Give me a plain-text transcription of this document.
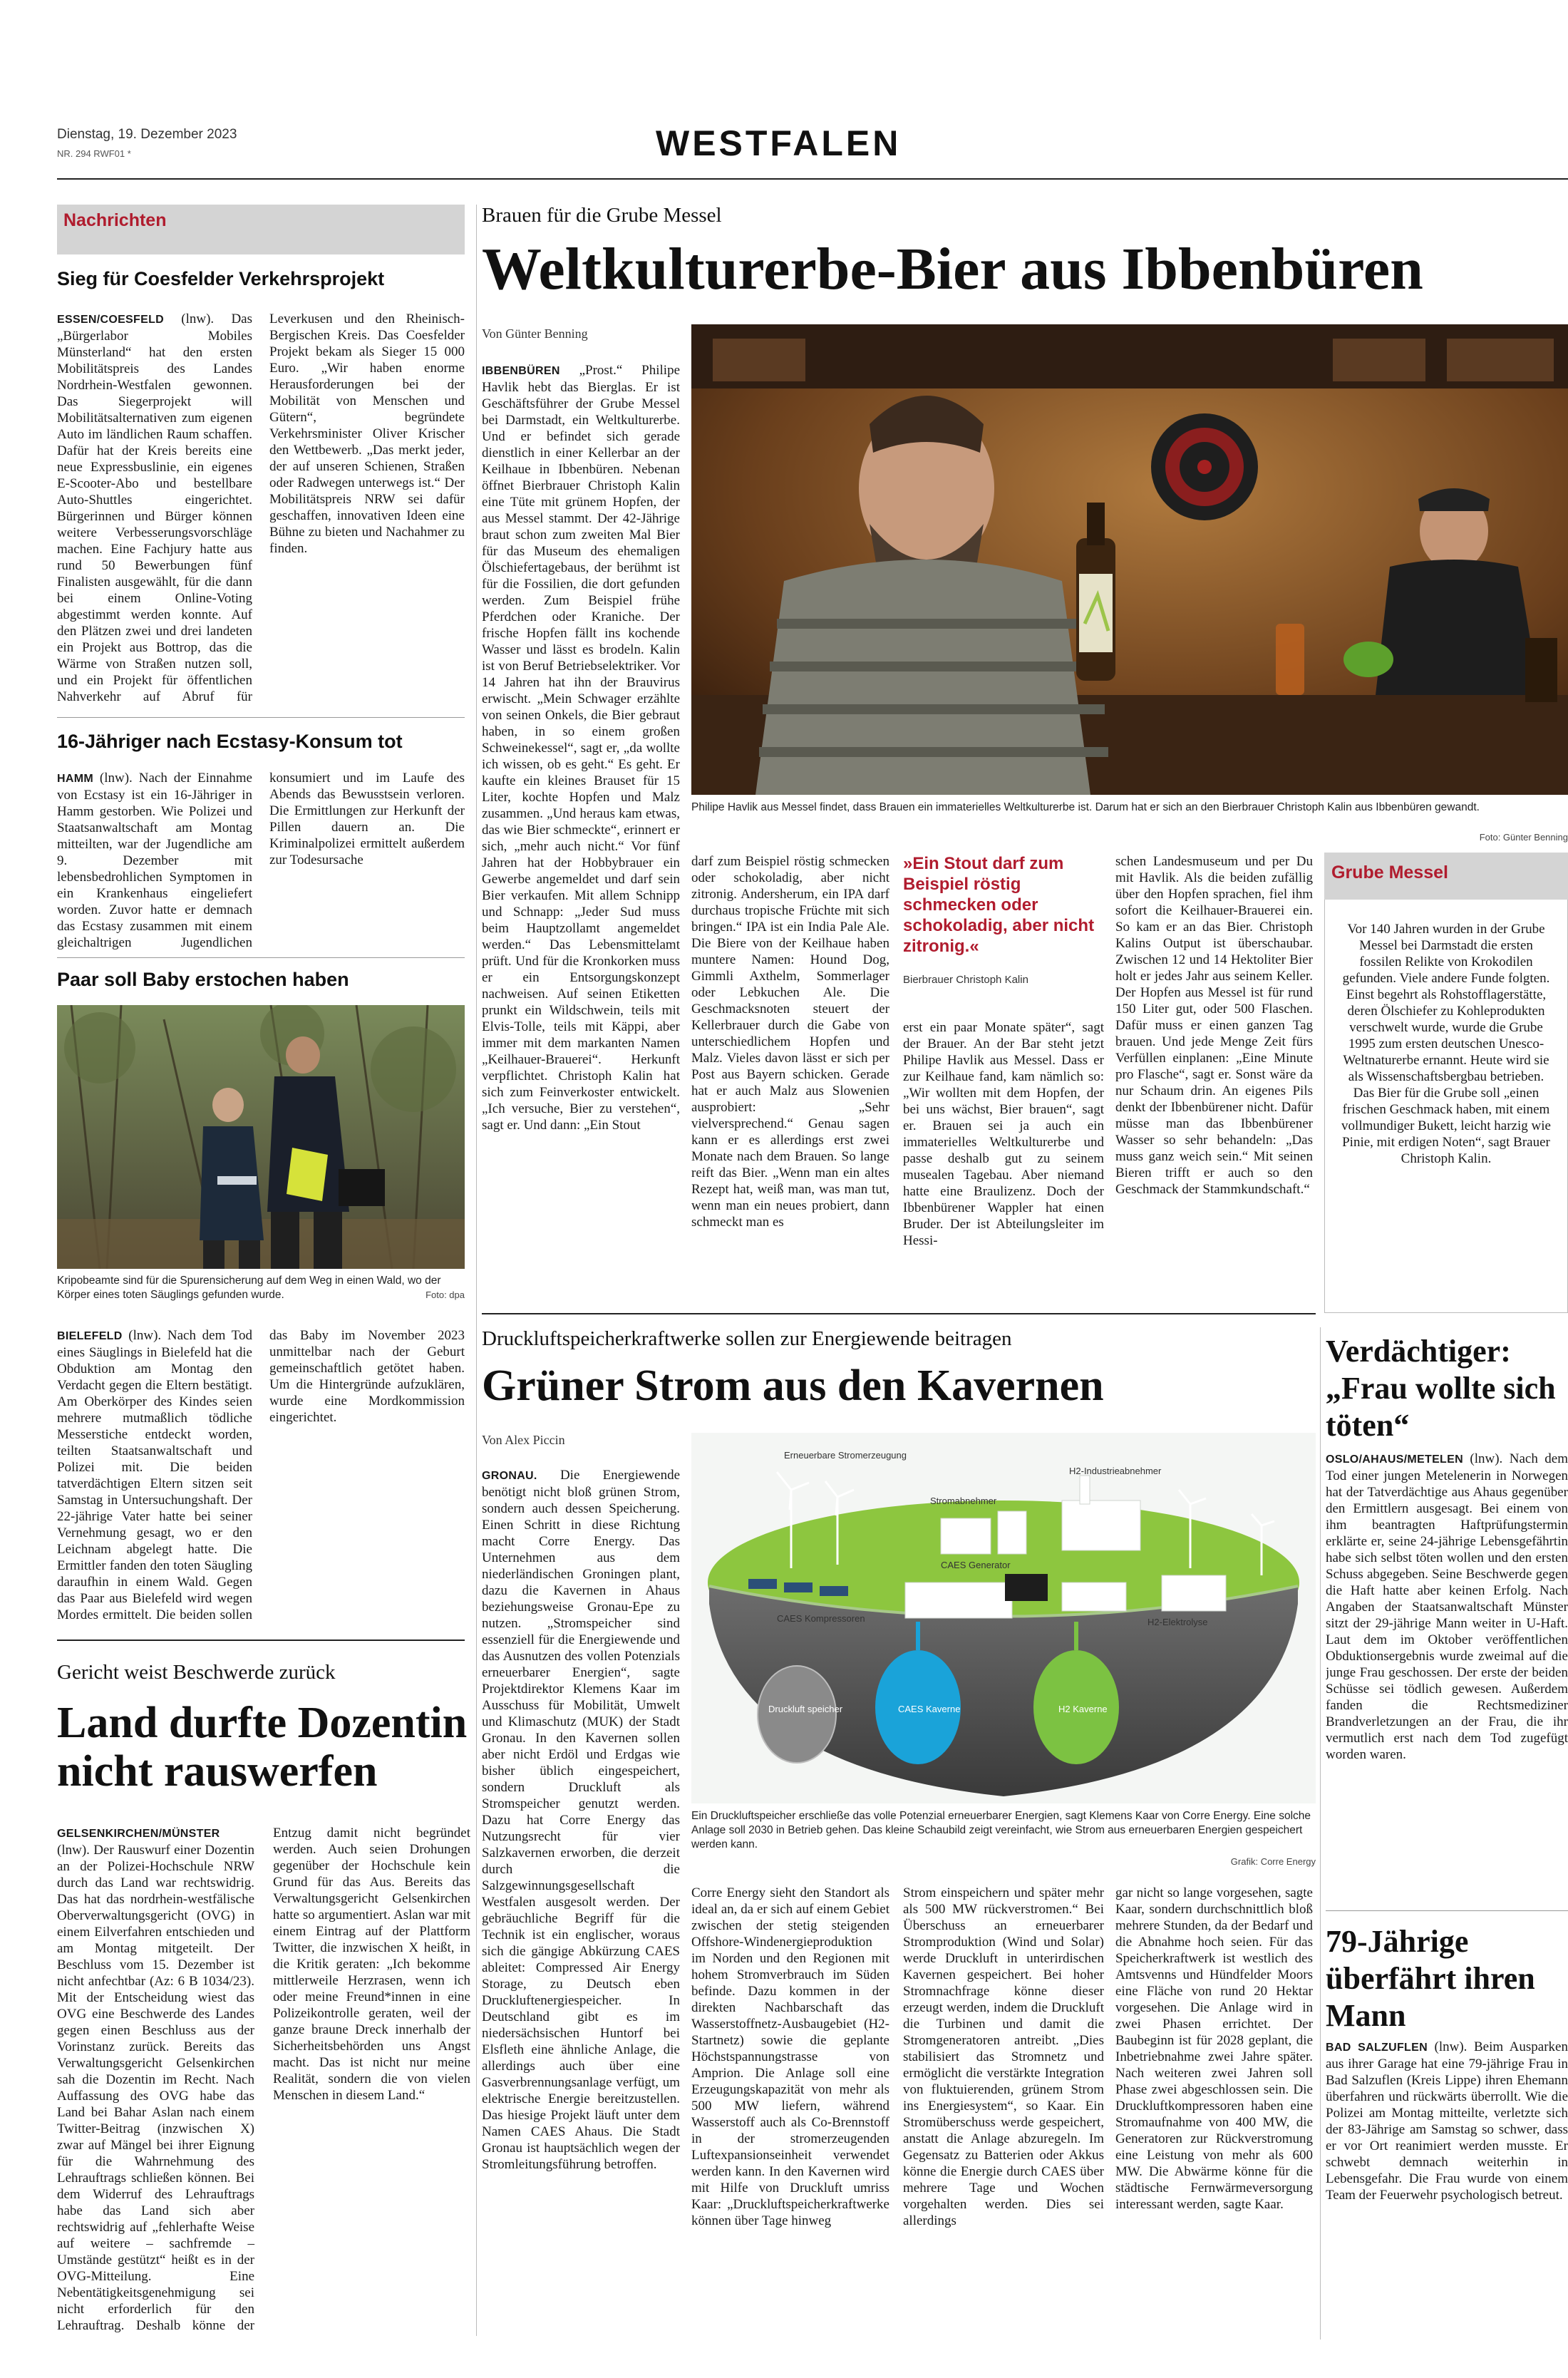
Dienstag, 19. Dezember 2023
NR. 294 RWF01 *	WESTFALEN
Nachrichten
Sieg für Coesfelder Verkehrsprojekt

ESSEN/COESFELD (lnw). Das „Bürgerlabor Mobiles Münsterland“ hat den ersten Mobilitätspreis des Landes Nordrhein-Westfalen gewonnen. Das Siegerprojekt will Mobilitätsalternativen zum eigenen Auto im ländlichen Raum schaffen. Dafür hat der Kreis bereits eine neue Expressbuslinie, ein eigenes E-Scooter-Abo und bestellbare Auto-Shuttles eingerichtet. Bürgerinnen und Bürger können weitere Verbesserungsvorschläge machen. Eine Fachjury hatte aus rund 50 Bewerbungen fünf Finalisten ausgewählt, für die dann bei einem Online-Voting abgestimmt werden konnte. Auf den Plätzen zwei und drei landeten ein Projekt aus Bottrop, das die Wärme von Straßen nutzen soll, und ein Projekt für öffentlichen Nahverkehr auf Abruf für Leverkusen und den Rheinisch-Bergischen Kreis. Das Coesfelder Projekt bekam als Sieger 15 000 Euro. „Wir haben enorme Herausforderungen bei der Mobilität von Menschen und Gütern“, begründete Verkehrsminister Oliver Krischer den Wettbewerb. „Das merkt jeder, der auf unseren Schienen, Straßen oder Radwegen unterwegs ist.“ Der Mobilitätspreis NRW sei dafür geschaffen, innovativen Ideen eine Bühne zu bieten und Nachahmer zu finden.

16-Jähriger nach Ecstasy-Konsum tot

HAMM (lnw). Nach der Einnahme von Ecstasy ist ein 16-Jähriger in Hamm gestorben. Wie Polizei und Staatsanwaltschaft am Montag mitteilten, war der Jugendliche am 9. Dezember mit lebensbedrohlichen Symptomen in ein Krankenhaus eingeliefert worden. Zuvor hatte er demnach das Ecstasy zusammen mit einem gleichaltrigen Jugendlichen konsumiert und im Laufe des Abends das Bewusstsein verloren. Die Ermittlungen zur Herkunft der Pillen dauern an. Die Kriminalpolizei ermittelt außerdem zur Todesursache

Paar soll Baby erstochen haben

Kripobeamte sind für die Spurensicherung auf dem Weg in einen Wald, wo der Körper eines toten Säuglings gefunden wurde.	Foto: dpa

BIELEFELD (lnw). Nach dem Tod eines Säuglings in Bielefeld hat die Obduktion am Montag den Verdacht gegen die Eltern bestätigt. Am Oberkörper des Kindes seien mehrere mutmaßlich tödliche Messerstiche entdeckt worden, teilten Staatsanwaltschaft und Polizei mit. Die beiden tatverdächtigen Eltern sitzen seit Samstag in Untersuchungshaft. Der 22-jährige Vater hatte bei seiner Vernehmung gesagt, wo er den Leichnam abgelegt hatte. Die Ermittler fanden den toten Säugling daraufhin in einem Wald. Gegen das Paar aus Bielefeld wird wegen Mordes ermittelt. Die beiden sollen das Baby im November 2023 unmittelbar nach der Geburt gemeinschaftlich getötet haben. Um die Hintergründe aufzuklären, wurde eine Mordkommission eingerichtet.

Gericht weist Beschwerde zurück

Land durfte Dozentin nicht rauswerfen

GELSENKIRCHEN/MÜNSTER (lnw). Der Rauswurf einer Dozentin an der Polizei-Hochschule NRW durch das Land war rechtswidrig. Das hat das nordrhein-westfälische Oberverwaltungsgericht (OVG) in einem Eilverfahren entschieden und am Montag mitgeteilt. Der Beschluss vom 15. Dezember ist nicht anfechtbar (Az: 6 B 1034/23). Mit der Entscheidung wiest das OVG eine Beschwerde des Landes gegen einen Beschluss aus der Vorinstanz zurück. Bereits das Verwaltungsgericht Gelsenkirchen sah die Dozentin im Recht. Nach Auffassung des OVG habe das Land bei Bahar Aslan nach einem Twitter-Beitrag (inzwischen X) zwar auf Mängel bei ihrer Eignung für die Wahrnehmung des Lehrauftrags schließen können. Bei dem Widerruf des Lehrauftrags habe das Land sich aber rechtswidrig auf „fehlerhafte Weise auf weitere – sachfremde – Umstände gestützt“ heißt es in der OVG-Mitteilung. Eine Nebentätigkeitsgenehmigung sei nicht erforderlich für den Lehrauftrag. Deshalb könne der Entzug damit nicht begründet werden. Auch seien Drohungen gegenüber der Hochschule kein Grund für das Aus. Bereits das Verwaltungsgericht Gelsenkirchen hatte so argumentiert. Aslan war mit einem Eintrag auf der Plattform Twitter, die inzwischen X heißt, in die Kritik geraten: „Ich bekomme mittlerweile Herzrasen, wenn ich oder meine Freund*innen in eine Polizeikontrolle geraten, weil der ganze braune Dreck innerhalb der Sicherheitsbehörden uns Angst macht. Das ist nicht nur meine Realität, sondern die von vielen Menschen in diesem Land.“

Brauen für die Grube Messel

Weltkulturerbe-Bier aus Ibbenbüren

Von Günter Benning

IBBENBÜREN „Prost.“ Philipe Havlik hebt das Bierglas. Er ist Geschäftsführer der Grube Messel bei Darmstadt, ein Weltkulturerbe. Und er befindet sich gerade dienstlich in einer Kellerbar an der Keilhaue in Ibbenbüren. Nebenan öffnet Bierbrauer Christoph Kalin eine Tüte mit grünem Hopfen, der aus Messel stammt. Der 42-Jährige braut schon zum zweiten Mal Bier für das Museum des ehemaligen Ölschiefertagebaus, der berühmt ist für die Fossilien, die dort gefunden werden. Zum Beispiel frühe Pferdchen oder Kraniche. Der frische Hopfen fällt ins kochende Wasser und lässt es brodeln. Kalin ist von Beruf Betriebselektriker. Vor 14 Jahren hat ihn der Brauvirus erwischt. „Mein Schwager erzählte von seinen Onkels, die Bier gebraut haben, in so einem großen Schweinekessel“, sagt er, „da wollte ich wissen, ob es geht.“ Es geht. Er kaufte ein kleines Brauset für 15 Liter, kochte Hopfen und Malz zusammen. „Und heraus kam etwas, das wie Bier schmeckte“, erinnert er sich, „mehr auch nicht.“ Vor fünf Jahren hat der Hobbybrauer ein Gewerbe angemeldet und darf sein Bier verkaufen. Mit allem Schnipp und Schnapp: „Jeder Sud muss beim Hauptzollamt angemeldet werden.“ Das Lebensmittelamt prüft. Und für die Kronkorken muss er ein Entsorgungskonzept nachweisen. Auf seinen Etiketten prunkt ein Wildschwein, teils mit Elvis-Tolle, teils mit Käppi, aber immer mit dem markanten Namen „Keilhauer-Brauerei“. Herkunft verpflichtet. Christoph Kalin hat sich zum Feinverkoster entwickelt. „Ich versuche, Bier zu verstehen“, sagt er. Und dann: „Ein Stout

Philipe Havlik aus Messel findet, dass Brauen ein immaterielles Weltkulturerbe ist. Darum hat er sich an den Bierbrauer Christoph Kalin aus Ibbenbüren gewandt.

Foto: Günter Benning

darf zum Beispiel röstig schmecken oder schokoladig, aber nicht zitronig. Andersherum, ein IPA darf durchaus tropische Früchte mit sich bringen.“ IPA ist ein India Pale Ale. Die Biere von der Keilhaue haben muntere Namen: Hound Dog, Gimmli Axthelm, Sommerlager oder Lebkuchen Ale. Die Geschmacksnoten steuert der Kellerbrauer durch die Gabe von unterschiedlichem Hopfen und Malz. Vieles davon lässt er sich per Post aus Bayern schicken. Gerade hat er auch Malz aus Slowenien ausprobiert: „Sehr vielversprechend.“ Genau sagen kann er es allerdings erst zwei Monate nach dem Brauen. So lange reift das Bier. „Wenn man ein altes Rezept hat, weiß man, was man tut, wenn man ein neues probiert, dann schmeckt man es

»Ein Stout darf zum Beispiel röstig schmecken oder schokoladig, aber nicht zitronig.«

Bierbrauer Christoph Kalin

erst ein paar Monate später“, sagt der Brauer. An der Bar steht jetzt Philipe Havlik aus Messel. Dass er zur Keilhaue fand, kam nämlich so: „Wir wollten mit dem Hopfen, der bei uns wächst, Bier brauen“, sagt er. Brauen sei ja auch ein immaterielles Weltkulturerbe und passe deshalb gut zu seinem musealen Tagebau. Aber niemand hatte eine Braulizenz. Doch der Ibbenbürener Wappler hat einen Bruder. Der ist Abteilungsleiter im Hessi-

schen Landesmuseum und per Du mit Havlik. Als die beiden zufällig über den Hopfen sprachen, fiel ihm sofort die Keilhauer-Brauerei ein. So kam er an das Bier. Christoph Kalins Output ist überschaubar. Zwischen 12 und 14 Hektoliter Bier holt er jedes Jahr aus seinem Keller. Der Hopfen aus Messel ist für rund 150 Liter gut, oder 500 Flaschen. Dafür muss er einen ganzen Tag brauen. Und jede Menge Zeit fürs Verfüllen einplanen: „Eine Minute pro Flasche“, sagt er. Sonst wäre da nur Schaum drin. An eigenes Pils denkt der Ibbenbürener nicht. Dafür müsse man das Ibbenbürener Wasser so sehr behandeln: „Das muss ganz weich sein.“ Mit seinen Bieren trifft er auch so den Geschmack der Stammkundschaft.“

Grube Messel

Vor 140 Jahren wurden in der Grube Messel bei Darmstadt die ersten fossilen Relikte von Krokodilen gefunden. Viele andere Funde folgten. Einst begehrt als Rohstofflagerstätte, deren Ölschiefer zu Kohleprodukten verschwelt wurde, wurde die Grube 1995 zum ersten deutschen Unesco-Weltnaturerbe ernannt. Heute wird sie als Wissenschaftsbergbau betrieben. Das Bier für die Grube soll „einen frischen Geschmack haben, mit einem vollmundiger Bukett, leicht harzig wie Pinie, mit erdigen Noten“, sagt Brauer Christoph Kalin.

Druckluftspeicherkraftwerke sollen zur Energiewende beitragen

Grüner Strom aus den Kavernen

Von Alex Piccin

GRONAU. Die Energiewende benötigt nicht bloß grünen Strom, sondern auch dessen Speicherung. Einen Schritt in diese Richtung macht Corre Energy. Das Unternehmen aus dem niederländischen Groningen plant, dazu die Kavernen in Ahaus beziehungsweise Gronau-Epe zu nutzen. „Stromspeicher sind essenziell für die Energiewende und das Ausnutzen des vollen Potenzials erneuerbarer Energien“, sagte Projektdirektor Klemens Kaar im Ausschuss für Mobilität, Umwelt und Klimaschutz (MUK) der Stadt Gronau. In den Kavernen sollen aber nicht Erdöl und Erdgas wie bisher üblich eingespeichert, sondern Druckluft als Stromspeicher genutzt werden. Dazu hat Corre Energy das Nutzungsrecht für vier Salzkavernen erworben, die derzeit durch die Salzgewinnungsgesellschaft Westfalen ausgesolt werden. Der gebräuchliche Begriff für die Technik ist ein englischer, woraus sich die gängige Abkürzung CAES ableitet: Compressed Air Energy Storage, zu Deutsch eben Druckluftenergiespeicher. In Deutschland gibt es im niedersächsischen Huntorf bei Elsfleth eine ähnliche Anlage, die allerdings auch über eine Gasverbrennungsanlage verfügt, um elektrische Energie bereitzustellen. Das hiesige Projekt läuft unter dem Namen CAES Ahaus. Die Stadt Gronau ist hauptsächlich wegen der Stromleitungsführung betroffen.

Erneuerbare Stromerzeugung
Stromabnehmer
H2-Industrieabnehmer
CAES Generator
CAES Kompressoren	H2-Elektrolyse
Druckluft speicher	CAES Kaverne	H2 Kaverne

Ein Druckluftspeicher erschließe das volle Potenzial erneuerbarer Energien, sagt Klemens Kaar von Corre Energy. Eine solche Anlage soll 2030 in Betrieb gehen. Das kleine Schaubild zeigt vereinfacht, wie Strom aus erneuerbaren Energien gespeichert werden kann.

Grafik: Corre Energy

Corre Energy sieht den Standort als ideal an, da er sich auf einem Gebiet zwischen der stetig steigenden Offshore-Windenergieproduktion im Norden und den Regionen mit hohem Stromverbrauch im Süden befinde. Dazu kommen in der direkten Nachbarschaft das Wasserstoffnetz-Ausbaugebiet (H2-Startnetz) sowie die geplante Höchstspannungstrasse von Amprion. Die Anlage soll eine Erzeugungskapazität von mehr als 500 MW liefern, während Wasserstoff auch als Co-Brennstoff in der stromerzeugenden Luftexpansionseinheit verwendet werden kann. In den Kavernen wird mit Hilfe von Druckluft umriss Kaar: „Druckluftspeicherkraftwerke können über Tage hinweg

Strom einspeichern und später mehr als 500 MW rückverstromen.“ Bei Überschuss an erneuerbarer Stromproduktion (Wind und Solar) werde Druckluft in unterirdischen Kavernen gespeichert. Bei hoher Stromnachfrage könne dieser erzeugt werden, indem die Druckluft die Turbinen und damit die Stromgeneratoren antreibt. „Dies stabilisiert das Stromnetz und ermöglicht die verstärkte Integration von fluktuierenden, grünem Strom ins Energiesystem“, so Kaar. Ein Stromüberschuss werde gespeichert, anstatt die Anlage abzuregeln. Im Gegensatz zu Batterien oder Akkus könne die Energie durch CAES über mehrere Tage und Wochen vorgehalten werden. Dies sei allerdings

gar nicht so lange vorgesehen, sagte Kaar, sondern durchschnittlich bloß mehrere Stunden, da der Bedarf und die Abnahme hoch seien. Für das Speicherkraftwerk ist westlich des Amtsvenns und Hündfelder Moors eine Fläche von rund 20 Hektar vorgesehen. Die Anlage wird in zwei Phasen errichtet. Der Baubeginn ist für 2028 geplant, die Inbetriebnahme zwei Jahre später. Nach weiteren zwei Jahren soll Phase zwei abgeschlossen sein. Die Druckluftkompressoren haben eine Stromaufnahme von 400 MW, die Generatoren zur Rückverstromung eine Leistung von mehr als 600 MW. Die Abwärme könne für die städtische Fernwärmeversorgung interessant werden, sagte Kaar.

Verdächtiger: „Frau wollte sich töten“

OSLO/AHAUS/METELEN (lnw). Nach dem Tod einer jungen Metelenerin in Norwegen hat der Tatverdächtige aus Ahaus gegenüber den Ermittlern ausgesagt. Bei einem von ihm beantragten Haftprüfungstermin erklärte er, seine 24-jährige Lebensgefährtin habe sich selbst töten wollen und den ersten Schuss abgegeben. Seine Beschwerde gegen die Haft hatte aber keinen Erfolg. Nach Angaben der Staatsanwaltschaft Münster sitzt der 29-jährige Mann weiter in U-Haft. Laut dem im Oktober veröffentlichen Obduktionsergebnis wurde zweimal auf die junge Frau geschossen. Der erste der beiden Schüsse sei tödlich gewesen. Außerdem fanden die Rechtsmediziner Brandverletzungen an der Frau, die ihr vermutlich erst nach dem Tod zugefügt worden waren.

79-Jährige überfährt ihren Mann

BAD SALZUFLEN (lnw). Beim Ausparken aus ihrer Garage hat eine 79-jährige Frau in Bad Salzuflen (Kreis Lippe) ihren Ehemann überfahren und rückwärts überrollt. Wie die Polizei am Montag mitteilte, verletzte sich der 83-Jährige am Samstag so schwer, dass er vor Ort reanimiert werden musste. Er schwebt demnach weiterhin in Lebensgefahr. Die Frau wurde von einem Team der Feuerwehr psychologisch betreut.
